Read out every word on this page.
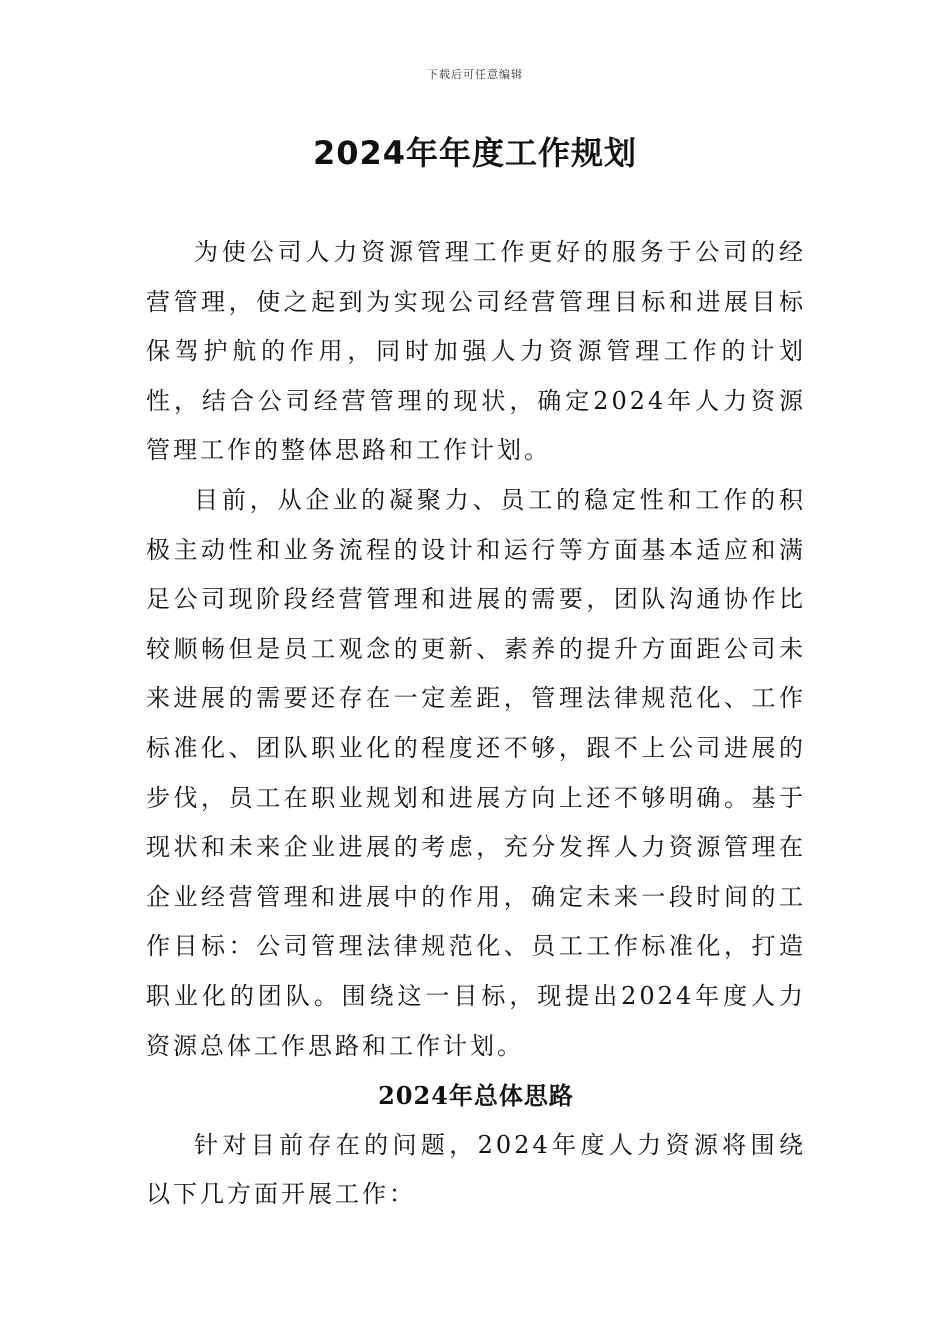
下载后可任意编辑
2024年年度工作规划

为使公司人力资源管理工作更好的服务于公司的经营管理，使之起到为实现公司经营管理目标和进展目标保驾护航的作用，同时加强人力资源管理工作的计划性，结合公司经营管理的现状，确定2024年人力资源管理工作的整体思路和工作计划。

目前，从企业的凝聚力、员工的稳定性和工作的积极主动性和业务流程的设计和运行等方面基本适应和满足公司现阶段经营管理和进展的需要，团队沟通协作比较顺畅但是员工观念的更新、素养的提升方面距公司未来进展的需要还存在一定差距，管理法律规范化、工作标准化、团队职业化的程度还不够，跟不上公司进展的步伐，员工在职业规划和进展方向上还不够明确。基于现状和未来企业进展的考虑，充分发挥人力资源管理在企业经营管理和进展中的作用，确定未来一段时间的工作目标：公司管理法律规范化、员工工作标准化，打造职业化的团队。围绕这一目标，现提出2024年度人力资源总体工作思路和工作计划。

2024年总体思路

针对目前存在的问题，2024年度人力资源将围绕以下几方面开展工作：
